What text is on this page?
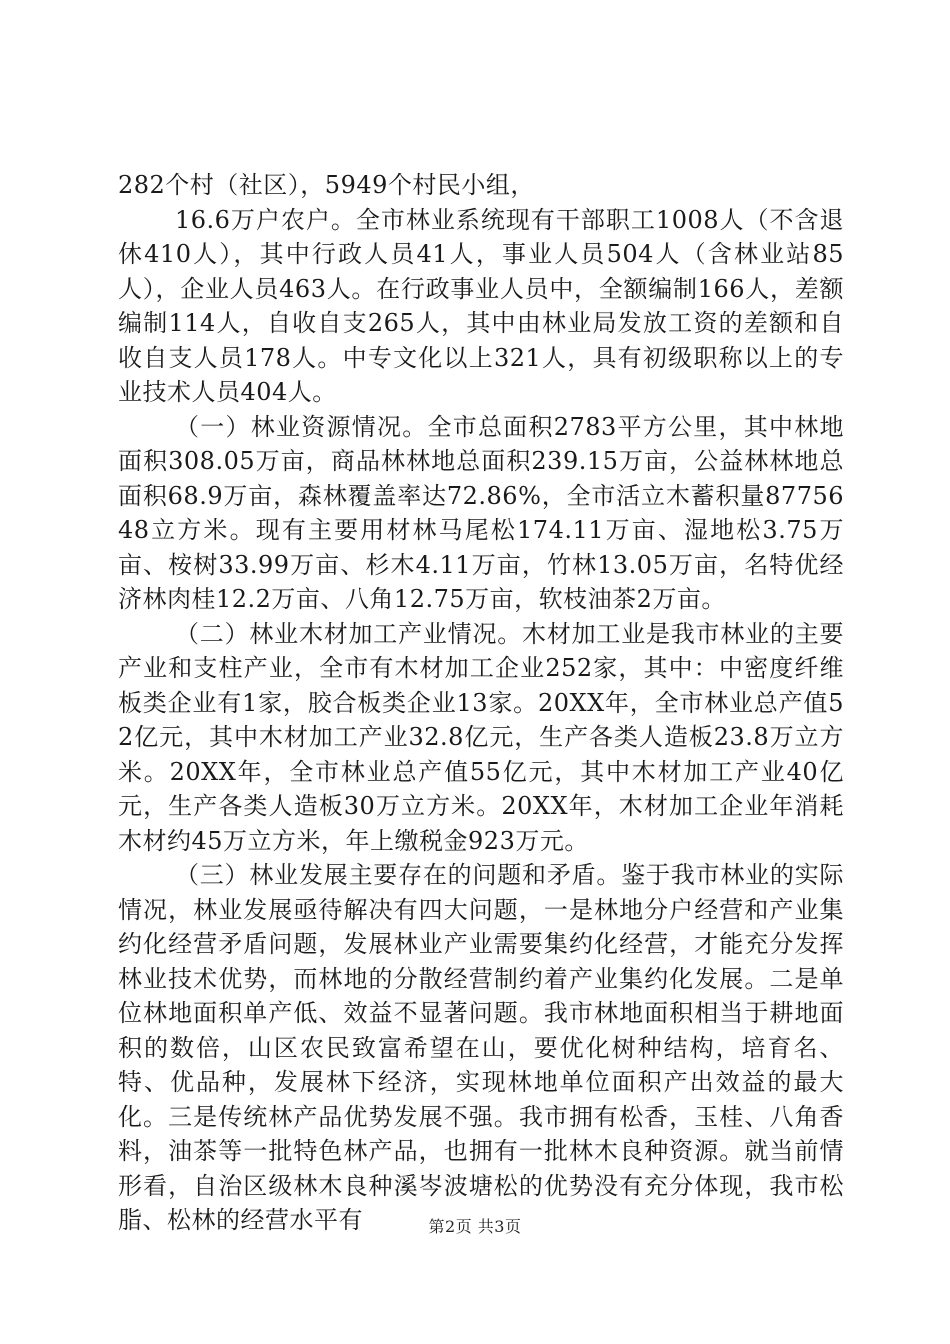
282个村（社区），5949个村民小组，

16.6万户农户。全市林业系统现有干部职工1008人（不含退休410人），其中行政人员41人，事业人员504人（含林业站85人），企业人员463人。在行政事业人员中，全额编制166人，差额编制114人，自收自支265人，其中由林业局发放工资的差额和自收自支人员178人。中专文化以上321人，具有初级职称以上的专业技术人员404人。

（一）林业资源情况。全市总面积2783平方公里，其中林地面积308.05万亩，商品林林地总面积239.15万亩，公益林林地总面积68.9万亩，森林覆盖率达72.86%，全市活立木蓄积量8775648立方米。现有主要用材林马尾松174.11万亩、湿地松3.75万亩、桉树33.99万亩、杉木4.11万亩，竹林13.05万亩，名特优经济林肉桂12.2万亩、八角12.75万亩，软枝油茶2万亩。

（二）林业木材加工产业情况。木材加工业是我市林业的主要产业和支柱产业，全市有木材加工企业252家，其中：中密度纤维板类企业有1家，胶合板类企业13家。20XX年，全市林业总产值52亿元，其中木材加工产业32.8亿元，生产各类人造板23.8万立方米。20XX年，全市林业总产值55亿元，其中木材加工产业40亿元，生产各类人造板30万立方米。20XX年，木材加工企业年消耗木材约45万立方米，年上缴税金923万元。

（三）林业发展主要存在的问题和矛盾。鉴于我市林业的实际情况，林业发展亟待解决有四大问题，一是林地分户经营和产业集约化经营矛盾问题，发展林业产业需要集约化经营，才能充分发挥林业技术优势，而林地的分散经营制约着产业集约化发展。二是单位林地面积单产低、效益不显著问题。我市林地面积相当于耕地面积的数倍，山区农民致富希望在山，要优化树种结构，培育名、特、优品种，发展林下经济，实现林地单位面积产出效益的最大化。三是传统林产品优势发展不强。我市拥有松香，玉桂、八角香料，油茶等一批特色林产品，也拥有一批林木良种资源。就当前情形看，自治区级林木良种溪岑波塘松的优势没有充分体现，我市松脂、松林的经营水平有	第2页 共3页
